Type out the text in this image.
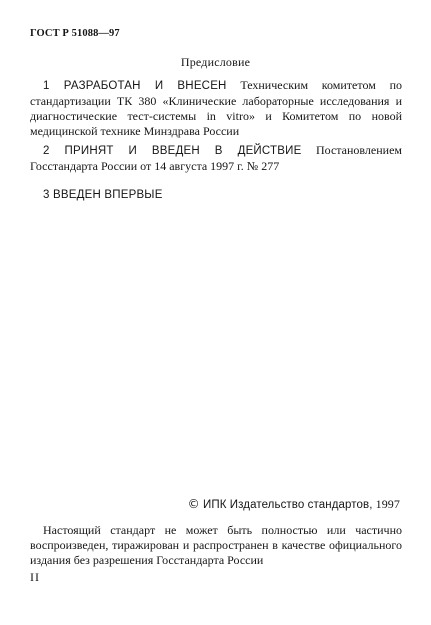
ГОСТ Р 51088—97
Предисловие
1 РАЗРАБОТАН И ВНЕСЕН Техническим комитетом по стандартизации ТК 380 «Клинические лабораторные исследования и диагностические тест-системы in vitro» и Комитетом по новой медицинской технике Минздрава России
2 ПРИНЯТ И ВВЕДЕН В ДЕЙСТВИЕ Постановлением Госстандарта России от 14 августа 1997 г. № 277
3 ВВЕДЕН ВПЕРВЫЕ
© ИПК Издательство стандартов, 1997
Настоящий стандарт не может быть полностью или частично воспроизведен, тиражирован и распространен в качестве официального издания без разрешения Госстандарта России
II
